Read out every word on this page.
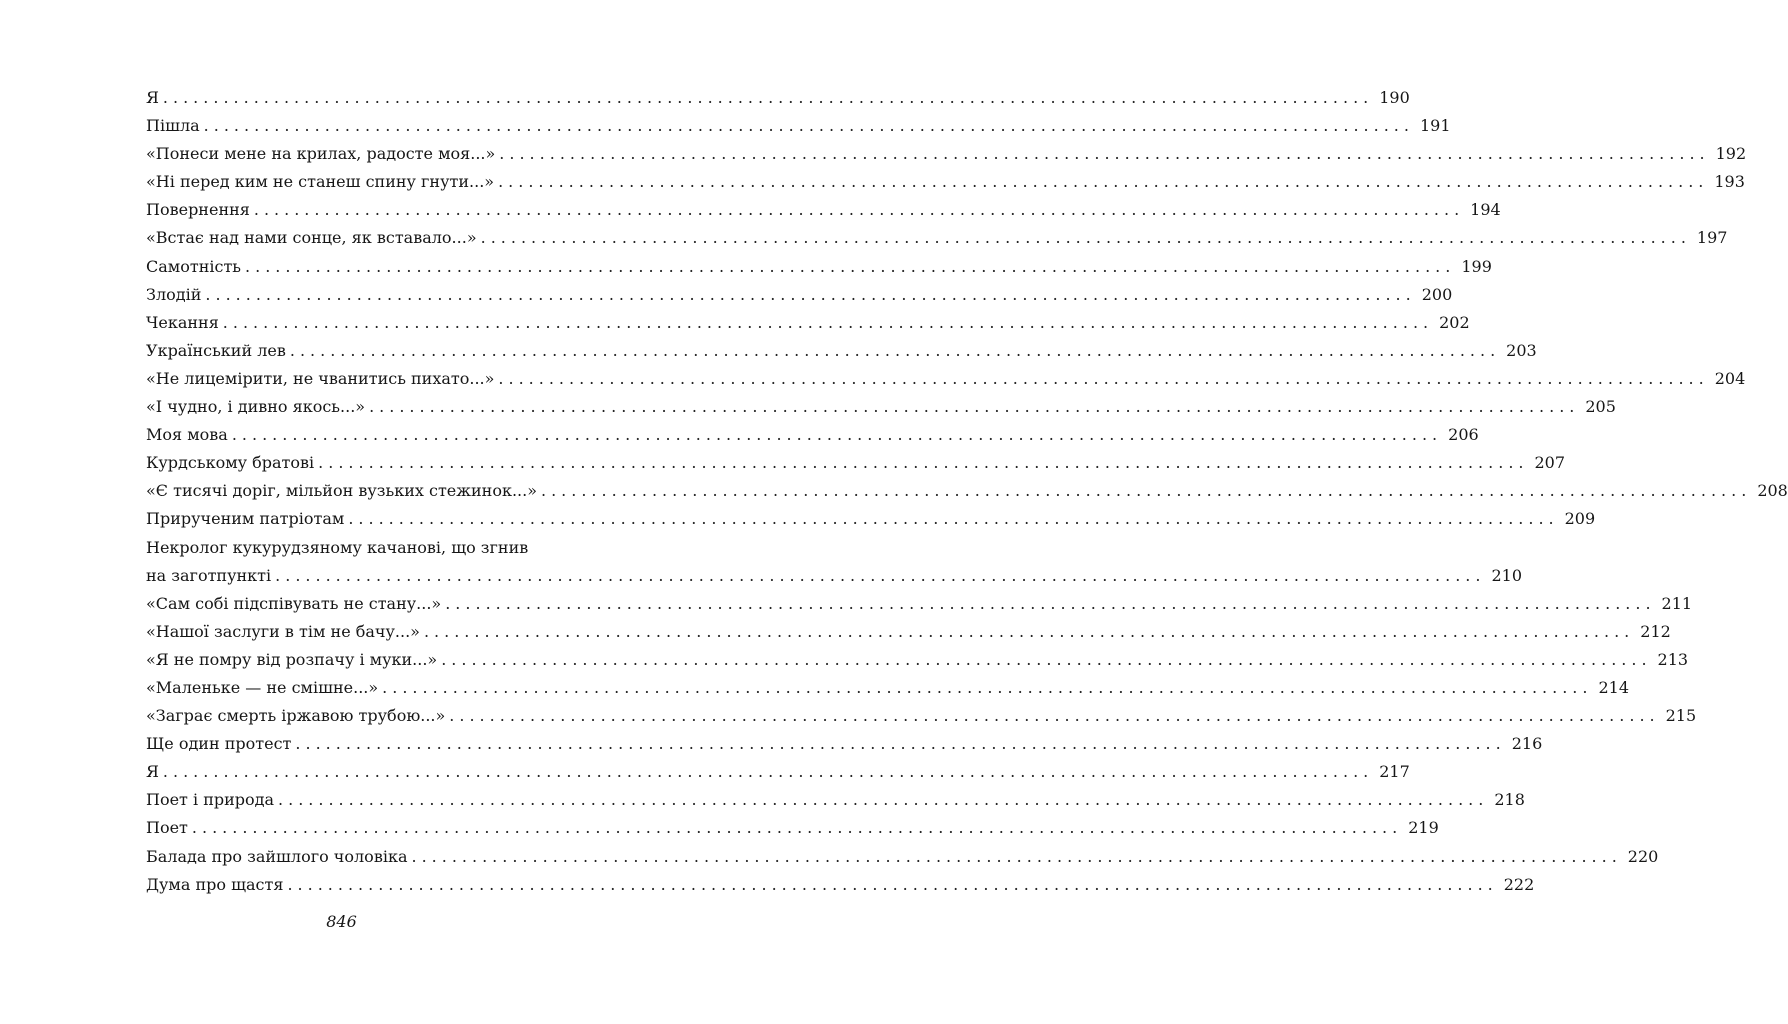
Я ........................................................................................................................ 190
Пішла ........................................................................................................................ 191
«Понеси мене на крилах, радосте моя...» ........................................................................................................................ 192
«Ні перед ким не станеш спину гнути...» ........................................................................................................................ 193
Повернення ........................................................................................................................ 194
«Встає над нами сонце, як вставало...» ........................................................................................................................ 197
Самотність ........................................................................................................................ 199
Злодій ........................................................................................................................ 200
Чекання ........................................................................................................................ 202
Український лев ........................................................................................................................ 203
«Не лицемірити, не чванитись пихато...» ........................................................................................................................ 204
«І чудно, і дивно якось...» ........................................................................................................................ 205
Моя мова ........................................................................................................................ 206
Курдському братові ........................................................................................................................ 207
«Є тисячі доріг, мільйон вузьких стежинок...» ........................................................................................................................ 208
Прирученим патріотам ........................................................................................................................ 209
Некролог кукурудзяному качанові, що згнив
на заготпункті ........................................................................................................................ 210
«Сам собі підспівувать не стану...» ........................................................................................................................ 211
«Нашої заслуги в тім не бачу...» ........................................................................................................................ 212
«Я не помру від розпачу і муки...» ........................................................................................................................ 213
«Маленьке — не смішне...» ........................................................................................................................ 214
«Заграє смерть іржавою трубою...» ........................................................................................................................ 215
Ще один протест ........................................................................................................................ 216
Я ........................................................................................................................ 217
Поет і природа ........................................................................................................................ 218
Поет ........................................................................................................................ 219
Балада про зайшлого чоловіка ........................................................................................................................ 220
Дума про щастя ........................................................................................................................ 222
846
